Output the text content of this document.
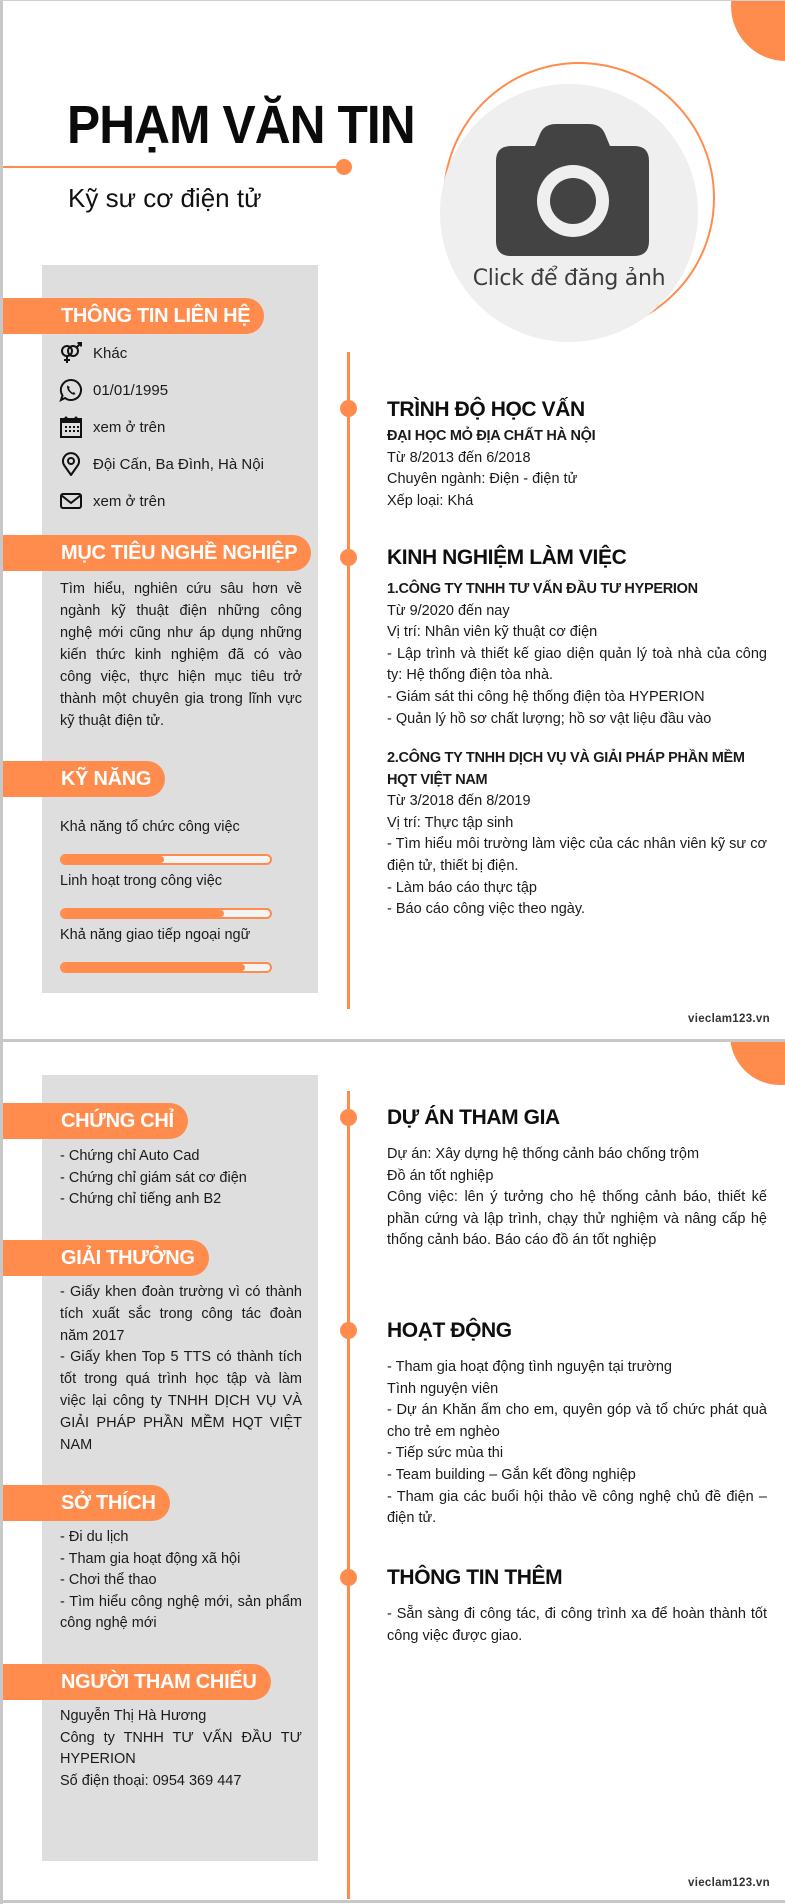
PHẠM VĂN TIN
Kỹ sư cơ điện tử
Click để đăng ảnh
THÔNG TIN LIÊN HỆ
Khác
01/01/1995
xem ở trên
Đội Cấn, Ba Đình, Hà Nội
xem ở trên
MỤC TIÊU NGHỀ NGHIỆP
Tìm hiểu, nghiên cứu sâu hơn về ngành kỹ thuật điện những công nghệ mới cũng như áp dụng những kiến thức kinh nghiệm đã có vào công việc, thực hiện mục tiêu trở thành một chuyên gia trong lĩnh vực kỹ thuật điện tử.
KỸ NĂNG
Khả năng tổ chức công việc
Linh hoạt trong công việc
Khả năng giao tiếp ngoại ngữ
TRÌNH ĐỘ HỌC VẤN
ĐẠI HỌC MỎ ĐỊA CHẤT HÀ NỘI
Từ 8/2013 đến 6/2018
Chuyên ngành: Điện - điện tử
Xếp loại: Khá
KINH NGHIỆM LÀM VIỆC
1.CÔNG TY TNHH TƯ VẤN ĐẦU TƯ HYPERION
Từ 9/2020 đến nay
Vị trí: Nhân viên kỹ thuật cơ điện
- Lập trình và thiết kế giao diện quản lý toà nhà của công ty: Hệ thống điện tòa nhà.
- Giám sát thi công hệ thống điện tòa HYPERION
- Quản lý hồ sơ chất lượng; hồ sơ vật liệu đầu vào
2.CÔNG TY TNHH DỊCH VỤ VÀ GIẢI PHÁP PHẦN MỀM HQT VIỆT NAM
Từ 3/2018 đến 8/2019
Vị trí: Thực tập sinh
- Tìm hiểu môi trường làm việc của các nhân viên kỹ sư cơ điện tử, thiết bị điện.
- Làm báo cáo thực tập
- Báo cáo công việc theo ngày.
vieclam123.vn
CHỨNG CHỈ
- Chứng chỉ Auto Cad
- Chứng chỉ giám sát cơ điện
- Chứng chỉ tiếng anh B2
GIẢI THƯỞNG
- Giấy khen đoàn trường vì có thành tích xuất sắc trong công tác đoàn năm 2017
- Giấy khen Top 5 TTS có thành tích tốt trong quá trình học tập và làm việc lại công ty TNHH DỊCH VỤ VÀ GIẢI PHÁP PHẦN MỀM HQT VIỆT NAM
SỞ THÍCH
- Đi du lịch
- Tham gia hoạt động xã hội
- Chơi thể thao
- Tìm hiểu công nghệ mới, sản phẩm công nghệ mới
NGƯỜI THAM CHIẾU
Nguyễn Thị Hà Hương
Công ty TNHH TƯ VẤN ĐẦU TƯ HYPERION
Số điện thoại: 0954 369 447
DỰ ÁN THAM GIA
Dự án: Xây dựng hệ thống cảnh báo chống trộm
Đồ án tốt nghiệp
Công việc: lên ý tưởng cho hệ thống cảnh báo, thiết kế phần cứng và lập trình, chạy thử nghiệm và nâng cấp hệ thống cảnh báo. Báo cáo đồ án tốt nghiệp
HOẠT ĐỘNG
- Tham gia hoạt động tình nguyện tại trường
Tình nguyện viên
- Dự án Khăn ấm cho em, quyên góp và tổ chức phát quà cho trẻ em nghèo
- Tiếp sức mùa thi
- Team building – Gắn kết đồng nghiệp
- Tham gia các buổi hội thảo về công nghệ chủ đề điện – điện tử.
THÔNG TIN THÊM
- Sẵn sàng đi công tác, đi công trình xa để hoàn thành tốt công việc được giao.
vieclam123.vn
